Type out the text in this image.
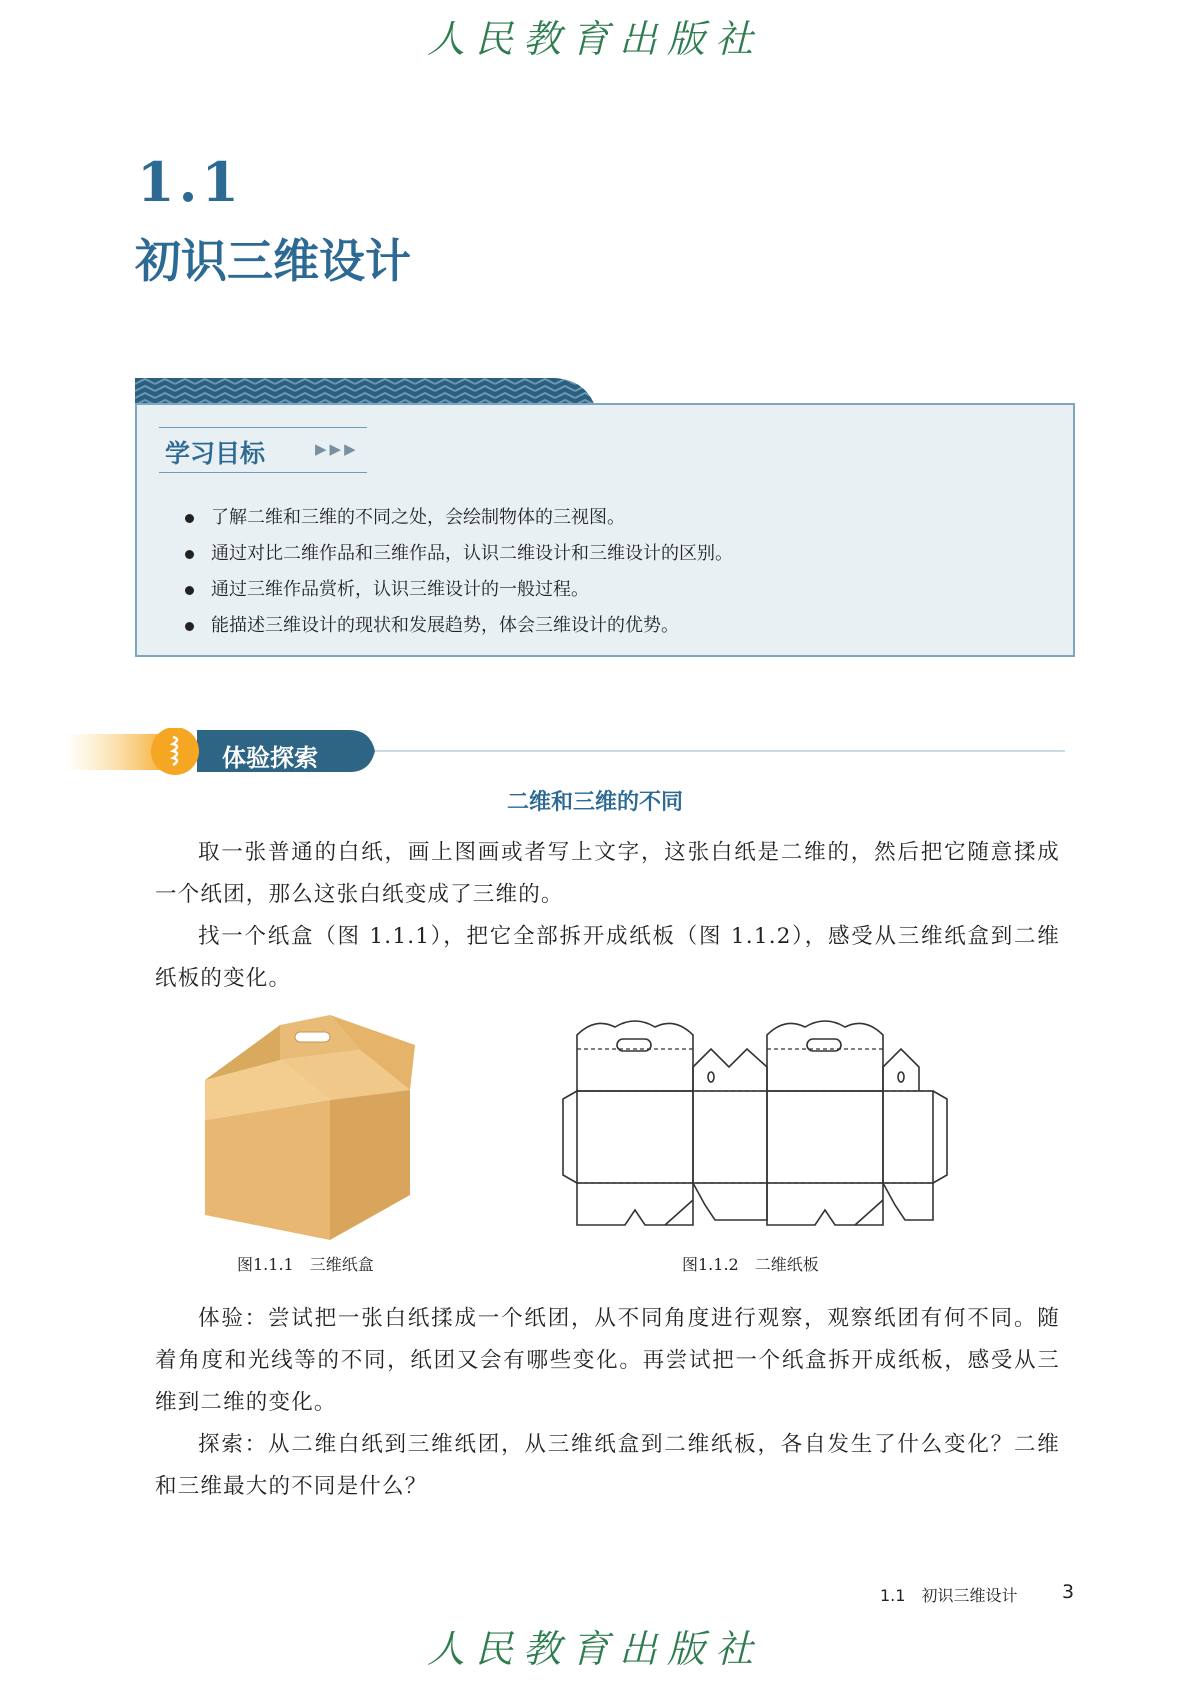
人民教育出版社
1.1
初识三维设计
学习目标	▶▶▶
了解二维和三维的不同之处，会绘制物体的三视图。
通过对比二维作品和三维作品，认识二维设计和三维设计的区别。
通过三维作品赏析，认识三维设计的一般过程。
能描述三维设计的现状和发展趋势，体会三维设计的优势。
体验探索
二维和三维的不同

取一张普通的白纸，画上图画或者写上文字，这张白纸是二维的，然后把它随意揉成一个纸团，那么这张白纸变成了三维的。

找一个纸盒（图 1.1.1），把它全部拆开成纸板（图 1.1.2），感受从三维纸盒到二维纸板的变化。

图1.1.1　三维纸盒	图1.1.2　二维纸板

体验：尝试把一张白纸揉成一个纸团，从不同角度进行观察，观察纸团有何不同。随着角度和光线等的不同，纸团又会有哪些变化。再尝试把一个纸盒拆开成纸板，感受从三维到二维的变化。

探索：从二维白纸到三维纸团，从三维纸盒到二维纸板，各自发生了什么变化？二维和三维最大的不同是什么？

1.1　初识三维设计 3
人民教育出版社
